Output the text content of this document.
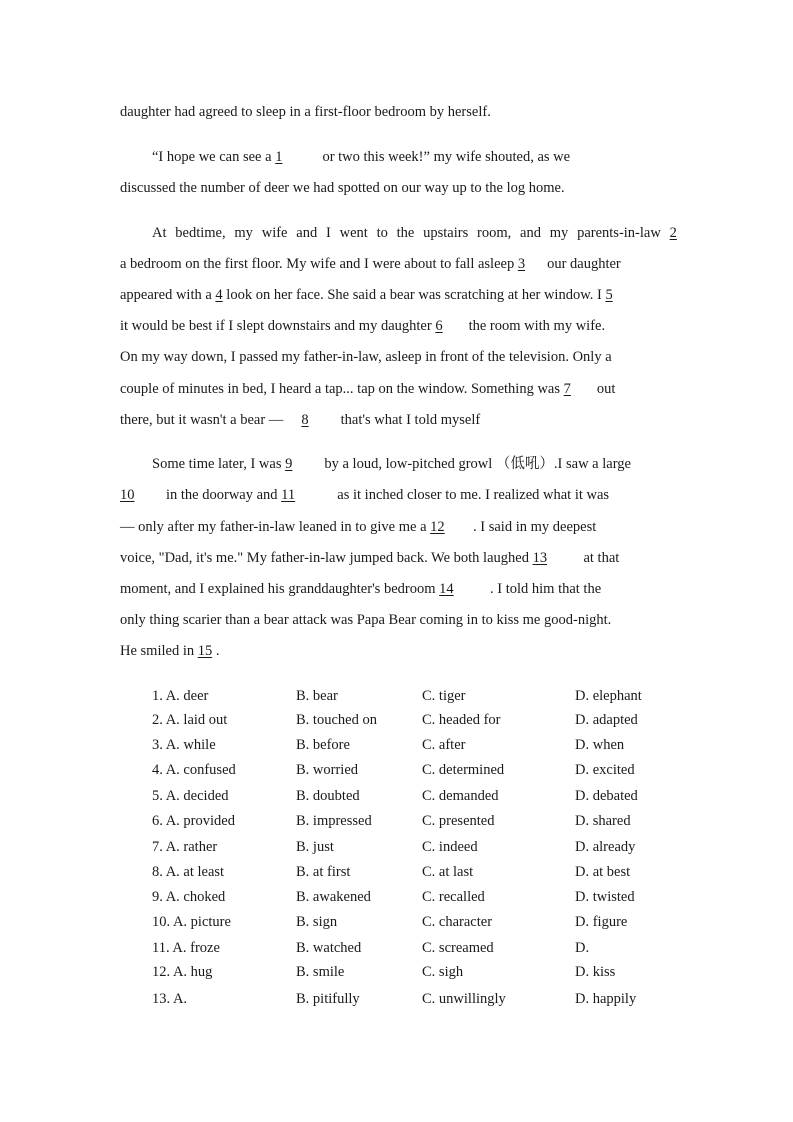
daughter had agreed to sleep in a first-floor bedroom by herself.
“I hope we can see a 1	or two this week!” my wife shouted, as we
discussed the number of deer we had spotted on our way up to the log home.
At bedtime, my wife and I went to the upstairs room, and my parents-in-law 2
a bedroom on the first floor. My wife and I were about to fall asleep 3 our daughter
appeared with a 4 look on her face. She said a bear was scratching at her window. I 5
it would be best if I slept downstairs and my daughter 6 the room with my wife.
On my way down, I passed my father-in-law, asleep in front of the television. Only a
couple of minutes in bed, I heard a tap... tap on the window. Something was 7 out
there, but it wasn't a bear — 8 that's what I told myself
Some time later, I was 9 by a loud, low-pitched growl （低吼）.I saw a large
10 in the doorway and 11	as it inched closer to me. I realized what it was
— only after my father-in-law leaned in to give me a 12 . I said in my deepest
voice, "Dad, it's me." My father-in-law jumped back. We both laughed 13	at that
moment, and I explained his granddaughter's bedroom 14	. I told him that the
only thing scarier than a bear attack was Papa Bear coming in to kiss me good-night.
He smiled in 15 .
1. A. deer	B. bear	C. tiger	D. elephant
2. A. laid out	B. touched on	C. headed for	D. adapted
3. A. while	B. before	C. after	D. when
4. A. confused	B. worried	C. determined	D. excited
5. A. decided	B. doubted	C. demanded	D. debated
6. A. provided	B. impressed	C. presented	D. shared
7. A. rather	B. just	C. indeed	D. already
8. A. at least	B. at first	C. at last	D. at best
9. A. choked	B. awakened	C. recalled	D. twisted
10. A. picture	B. sign	C. character	D. figure
11. A. froze	B. watched	C. screamed	D.
12. A. hug	B. smile	C. sigh	D. kiss
13. A.	B. pitifully	C. unwillingly	D. happily
